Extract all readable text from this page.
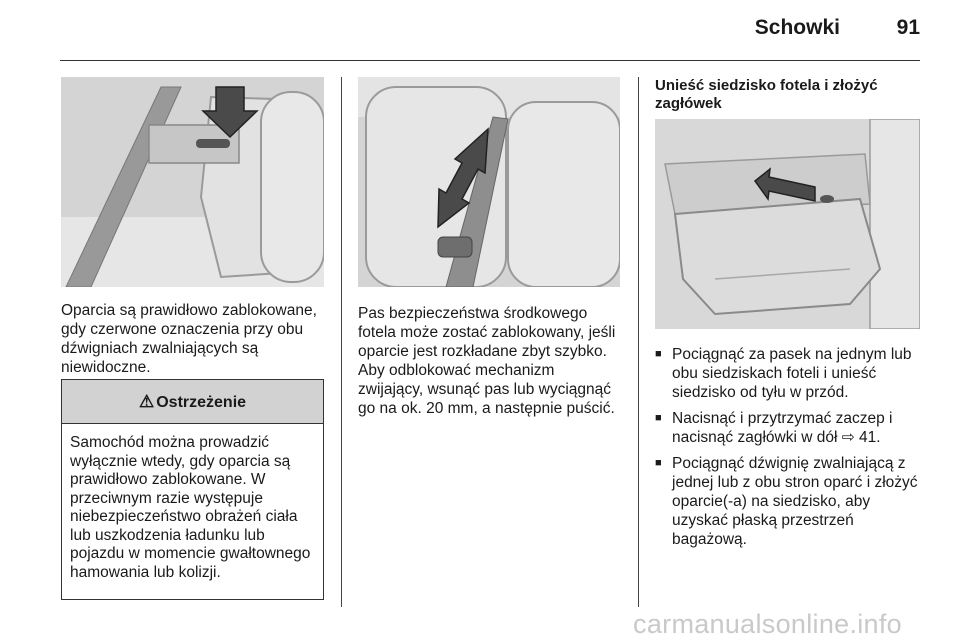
Schowki	91

Oparcia są prawidłowo zablokowane, gdy czerwone oznaczenia przy obu dźwigniach zwalniających są niewidoczne.

⚠ Ostrzeżenie
Samochód można prowadzić wyłącznie wtedy, gdy oparcia są prawidłowo zablokowane. W przeciwnym razie występuje niebezpieczeństwo obrażeń ciała lub uszkodzenia ładunku lub pojazdu w momencie gwałtownego hamowania lub kolizji.

Pas bezpieczeństwa środkowego fotela może zostać zablokowany, jeśli oparcie jest rozkładane zbyt szybko. Aby odblokować mechanizm zwijający, wsunąć pas lub wyciągnąć go na ok. 20 mm, a następnie puścić.

Unieść siedzisko fotela i złożyć zagłówek
■ Pociągnąć za pasek na jednym lub obu siedziskach foteli i unieść siedzisko od tyłu w przód.
■ Nacisnąć i przytrzymać zaczep i nacisnąć zagłówki w dół ⇨ 41.
■ Pociągnąć dźwignię zwalniającą z jednej lub z obu stron oparć i złożyć oparcie(-a) na siedzisko, aby uzyskać płaską przestrzeń bagażową.
carmanualsonline.info
